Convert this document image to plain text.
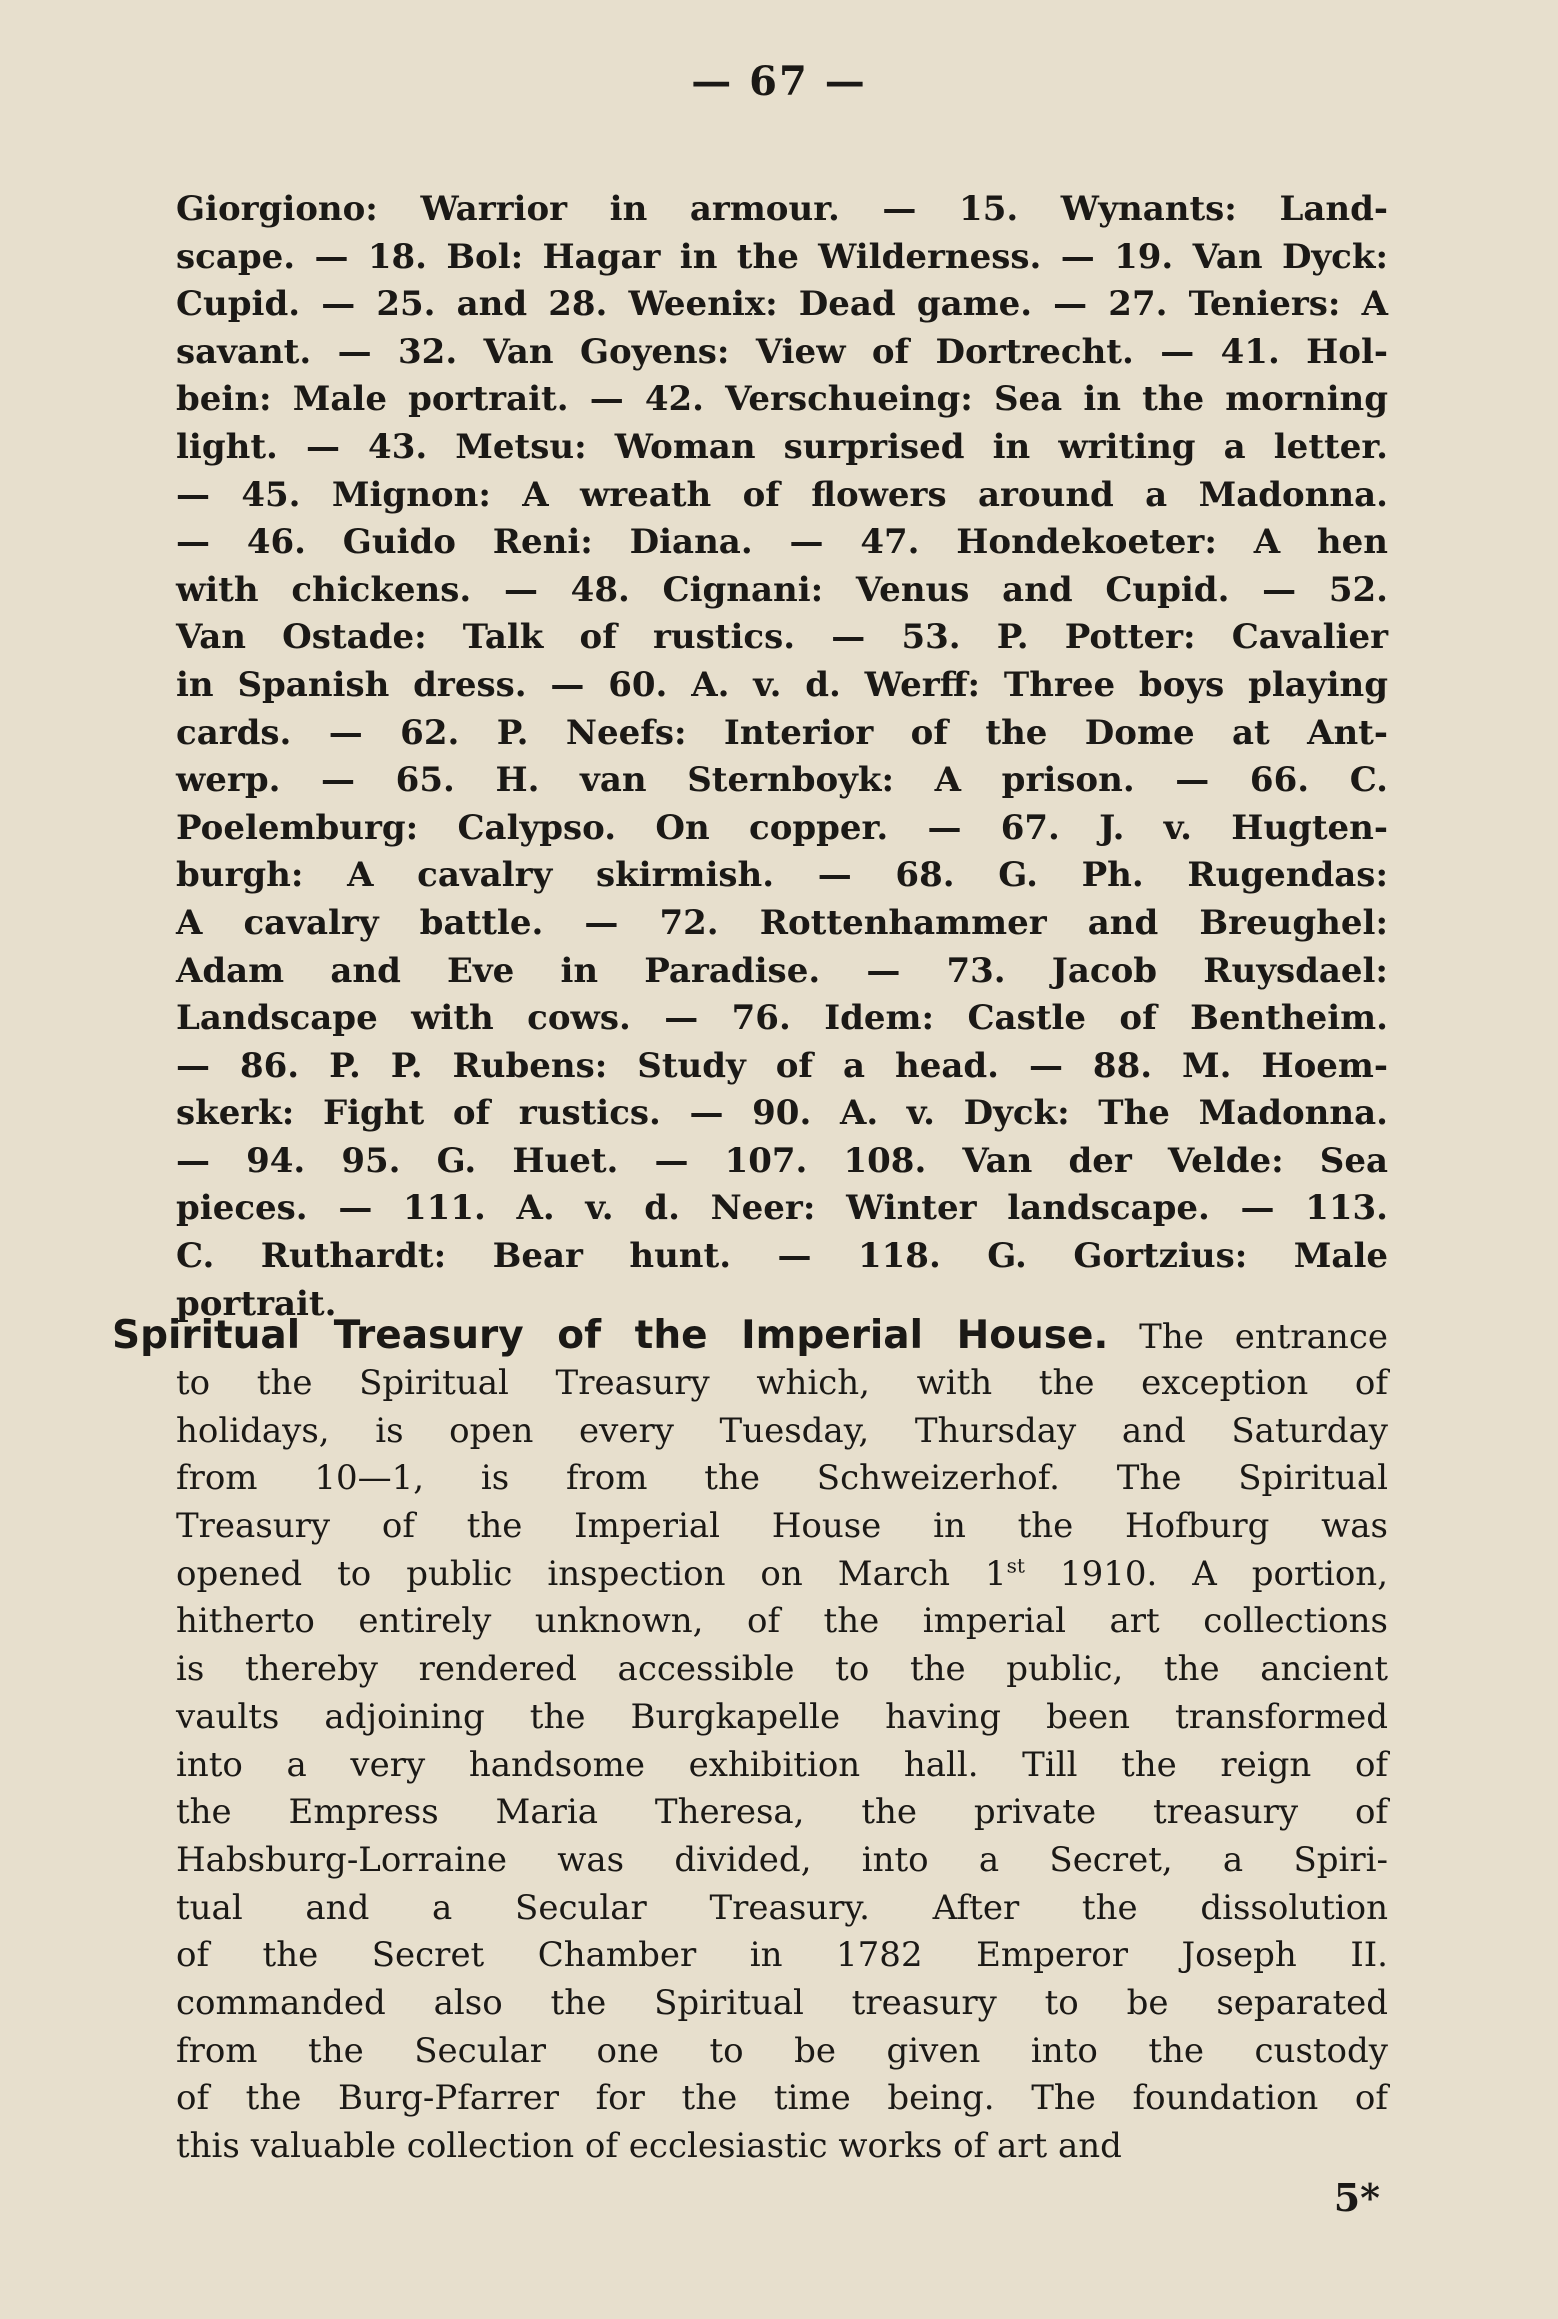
— 67 —
Giorgiono: Warrior in armour. — 15. Wynants: Land-
scape. — 18. Bol: Hagar in the Wilderness. — 19. Van Dyck:
Cupid. — 25. and 28. Weenix: Dead game. — 27. Teniers: A
savant. — 32. Van Goyens: View of Dortrecht. — 41. Hol-
bein: Male portrait. — 42. Verschueing: Sea in the morning
light. — 43. Metsu: Woman surprised in writing a letter.
— 45. Mignon: A wreath of flowers around a Madonna.
— 46. Guido Reni: Diana. — 47. Hondekoeter: A hen
with chickens. — 48. Cignani: Venus and Cupid. — 52.
Van Ostade: Talk of rustics. — 53. P. Potter: Cavalier
in Spanish dress. — 60. A. v. d. Werff: Three boys playing
cards. — 62. P. Neefs: Interior of the Dome at Ant-
werp. — 65. H. van Sternboyk: A prison. — 66. C.
Poelemburg: Calypso. On copper. — 67. J. v. Hugten-
burgh: A cavalry skirmish. — 68. G. Ph. Rugendas:
A cavalry battle. — 72. Rottenhammer and Breughel:
Adam and Eve in Paradise. — 73. Jacob Ruysdael:
Landscape with cows. — 76. Idem: Castle of Bentheim.
— 86. P. P. Rubens: Study of a head. — 88. M. Hoem-
skerk: Fight of rustics. — 90. A. v. Dyck: The Madonna.
— 94. 95. G. Huet. — 107. 108. Van der Velde: Sea
pieces. — 111. A. v. d. Neer: Winter landscape. — 113.
C. Ruthardt: Bear hunt. — 118. G. Gortzius: Male
portrait.
Spiritual Treasury of the Imperial House. The entrance
to the Spiritual Treasury which, with the exception of
holidays, is open every Tuesday, Thursday and Saturday
from 10—1, is from the Schweizerhof. The Spiritual
Treasury of the Imperial House in the Hofburg was
opened to public inspection on March 1st 1910. A portion,
hitherto entirely unknown, of the imperial art collections
is thereby rendered accessible to the public, the ancient
vaults adjoining the Burgkapelle having been transformed
into a very handsome exhibition hall. Till the reign of
the Empress Maria Theresa, the private treasury of
Habsburg-Lorraine was divided, into a Secret, a Spiri-
tual and a Secular Treasury. After the dissolution
of the Secret Chamber in 1782 Emperor Joseph II.
commanded also the Spiritual treasury to be separated
from the Secular one to be given into the custody
of the Burg-Pfarrer for the time being. The foundation of
this valuable collection of ecclesiastic works of art and
5*
